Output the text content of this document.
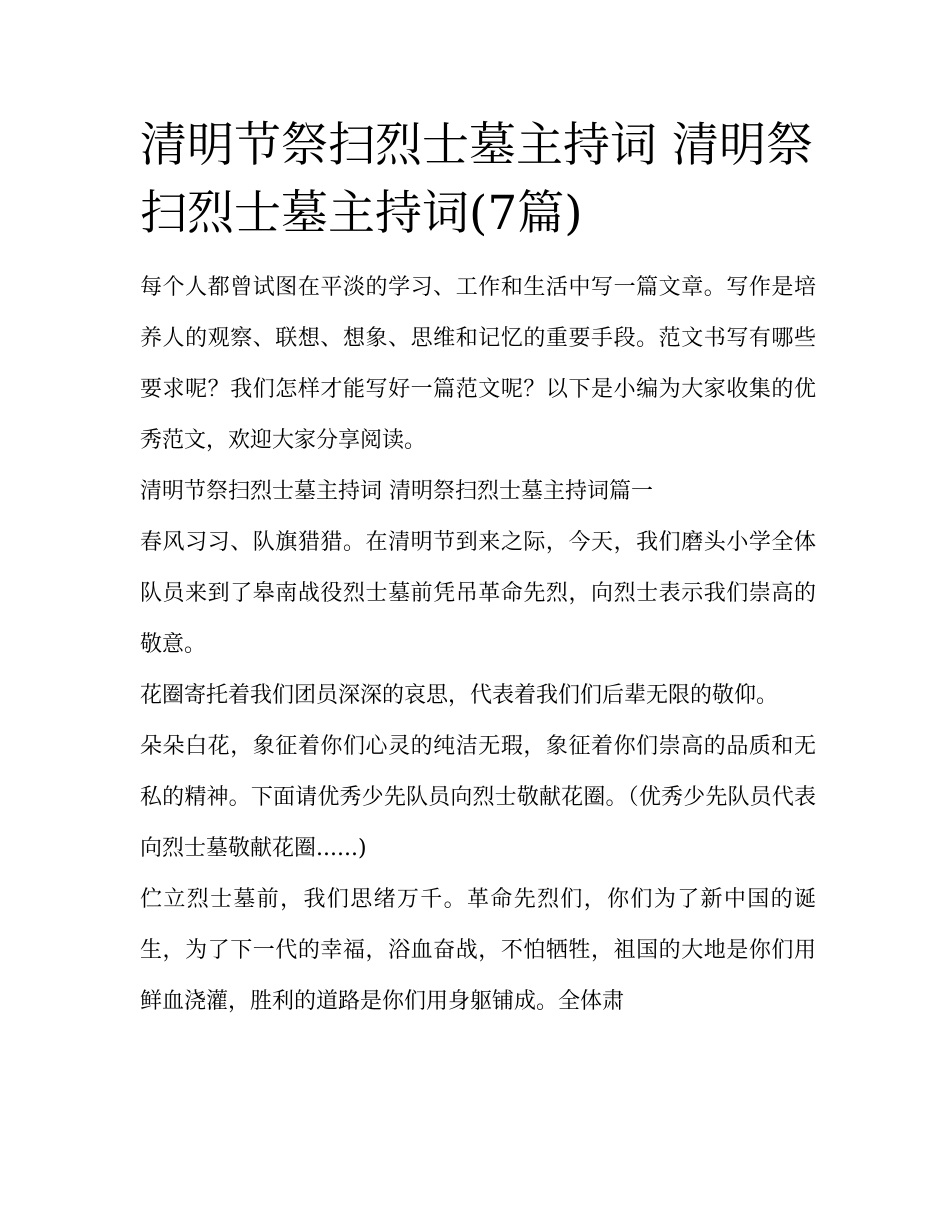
清明节祭扫烈士墓主持词 清明祭扫烈士墓主持词(7篇)

每个人都曾试图在平淡的学习、工作和生活中写一篇文章。写作是培养人的观察、联想、想象、思维和记忆的重要手段。范文书写有哪些要求呢？我们怎样才能写好一篇范文呢？以下是小编为大家收集的优秀范文，欢迎大家分享阅读。

清明节祭扫烈士墓主持词 清明祭扫烈士墓主持词篇一

春风习习、队旗猎猎。在清明节到来之际，今天，我们磨头小学全体队员来到了皋南战役烈士墓前凭吊革命先烈，向烈士表示我们崇高的敬意。

花圈寄托着我们团员深深的哀思，代表着我们们后辈无限的敬仰。

朵朵白花，象征着你们心灵的纯洁无瑕，象征着你们崇高的品质和无私的精神。下面请优秀少先队员向烈士敬献花圈。（优秀少先队员代表向烈士墓敬献花圈......)

伫立烈士墓前，我们思绪万千。革命先烈们，你们为了新中国的诞生，为了下一代的幸福，浴血奋战，不怕牺牲，祖国的大地是你们用鲜血浇灌，胜利的道路是你们用身躯铺成。全体肃
